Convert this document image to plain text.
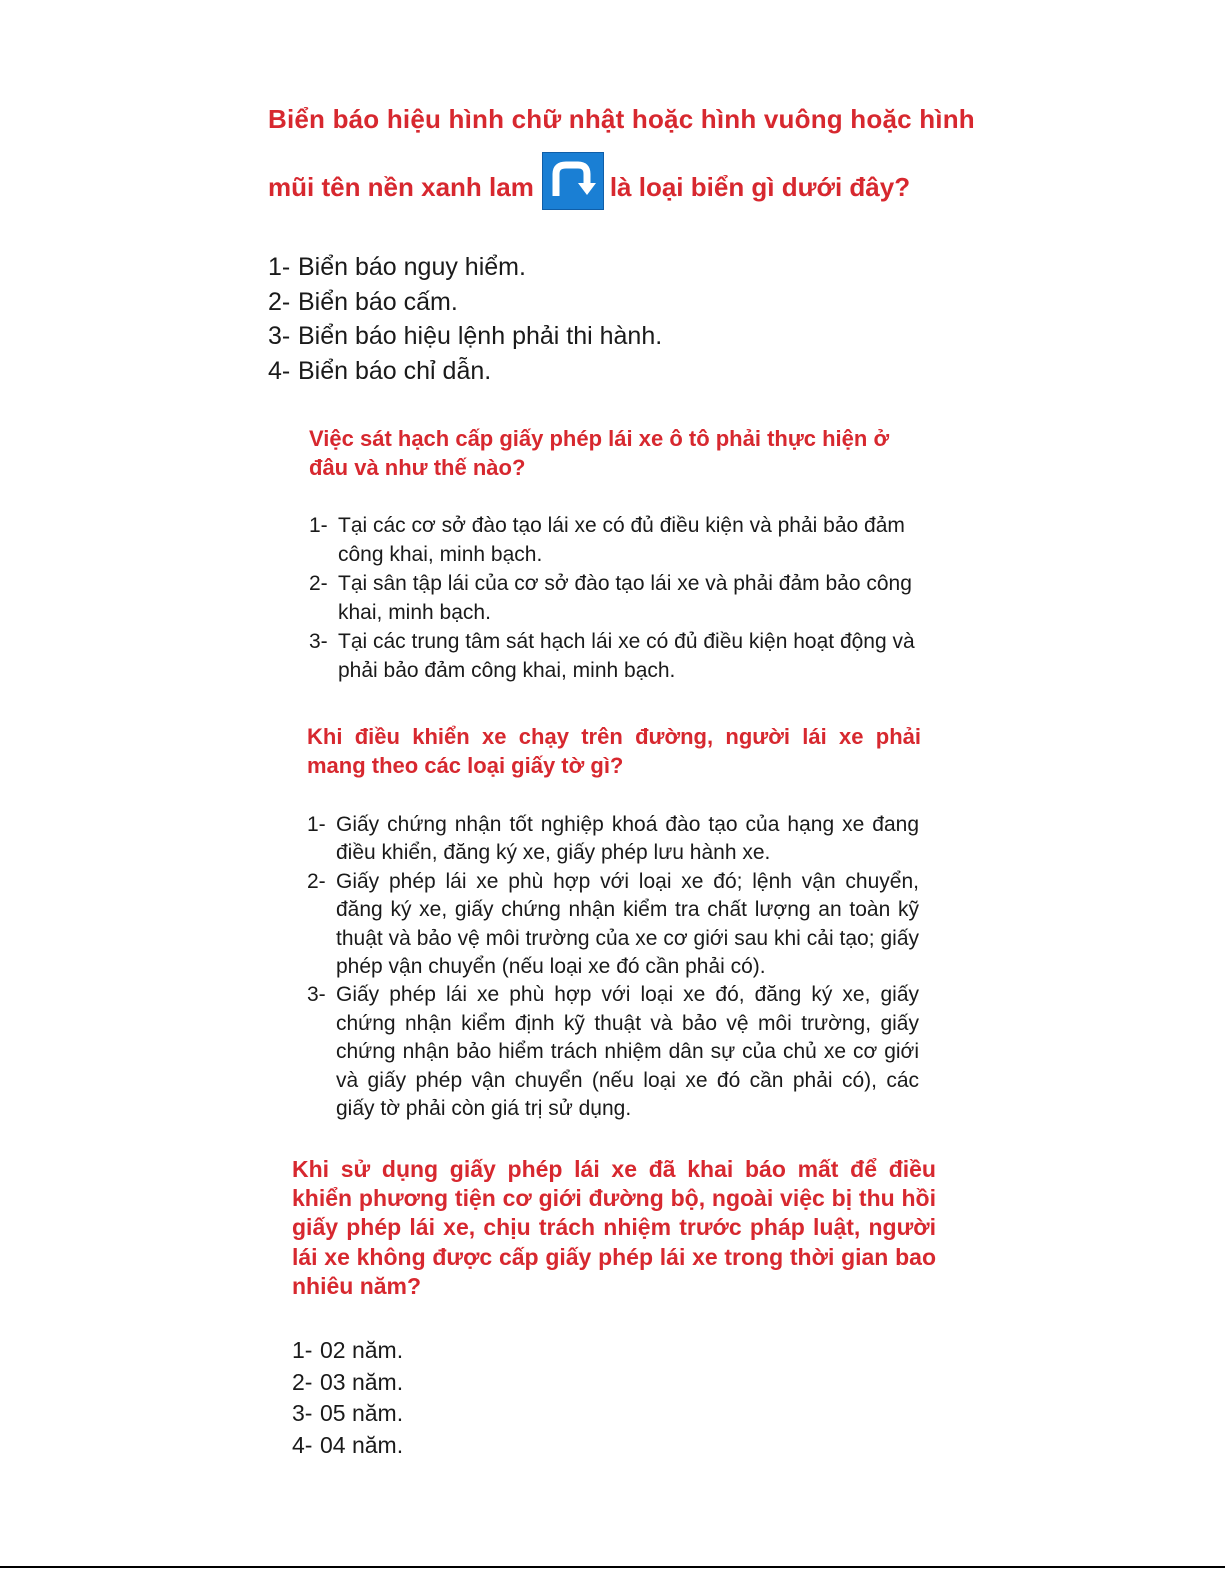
Biển báo hiệu hình chữ nhật hoặc hình vuông hoặc hình
mũi tên nền xanh lam	là loại biển gì dưới đây?
1- Biển báo nguy hiểm.
2- Biển báo cấm.
3- Biển báo hiệu lệnh phải thi hành.
4- Biển báo chỉ dẫn.
Việc sát hạch cấp giấy phép lái xe ô tô phải thực hiện ở đâu và như thế nào?
1- Tại các cơ sở đào tạo lái xe có đủ điều kiện và phải bảo đảm công khai, minh bạch.
2- Tại sân tập lái của cơ sở đào tạo lái xe và phải đảm bảo công khai, minh bạch.
3- Tại các trung tâm sát hạch lái xe có đủ điều kiện hoạt động và phải bảo đảm công khai, minh bạch.
Khi điều khiển xe chạy trên đường, người lái xe phải mang theo các loại giấy tờ gì?
1- Giấy chứng nhận tốt nghiệp khoá đào tạo của hạng xe đang điều khiển, đăng ký xe, giấy phép lưu hành xe.
2- Giấy phép lái xe phù hợp với loại xe đó; lệnh vận chuyển, đăng ký xe, giấy chứng nhận kiểm tra chất lượng an toàn kỹ thuật và bảo vệ môi trường của xe cơ giới sau khi cải tạo; giấy phép vận chuyển (nếu loại xe đó cần phải có).
3- Giấy phép lái xe phù hợp với loại xe đó, đăng ký xe, giấy chứng nhận kiểm định kỹ thuật và bảo vệ môi trường, giấy chứng nhận bảo hiểm trách nhiệm dân sự của chủ xe cơ giới và giấy phép vận chuyển (nếu loại xe đó cần phải có), các giấy tờ phải còn giá trị sử dụng.
Khi sử dụng giấy phép lái xe đã khai báo mất để điều khiển phương tiện cơ giới đường bộ, ngoài việc bị thu hồi giấy phép lái xe, chịu trách nhiệm trước pháp luật, người lái xe không được cấp giấy phép lái xe trong thời gian bao nhiêu năm?
1- 02 năm.
2- 03 năm.
3- 05 năm.
4- 04 năm.
